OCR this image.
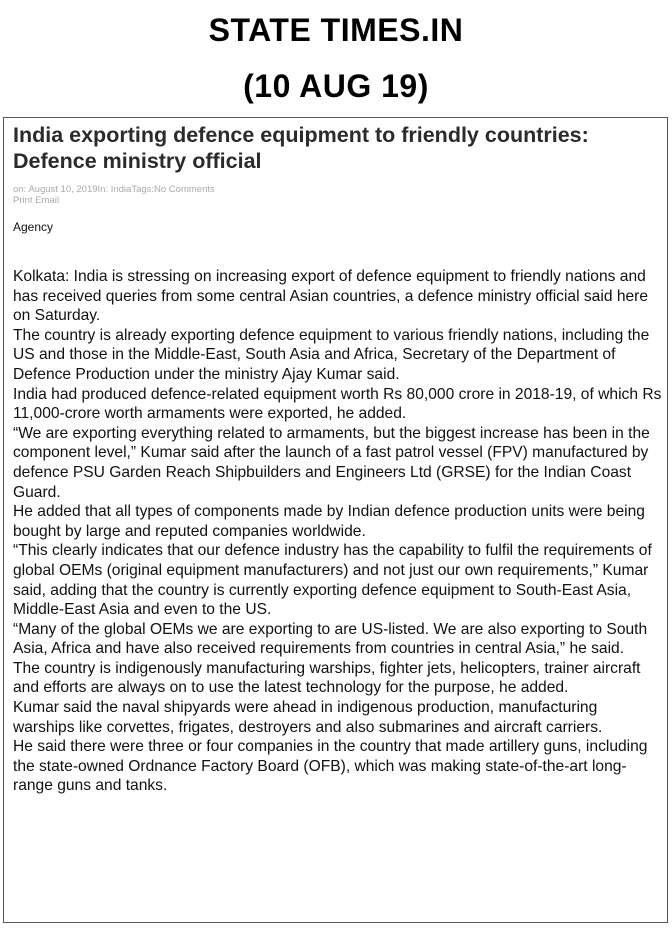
STATE TIMES.IN
(10 AUG 19)
India exporting defence equipment to friendly countries: Defence ministry official
on: August 10, 2019In: IndiaTags:No Comments
Print Email
Agency

Kolkata: India is stressing on increasing export of defence equipment to friendly nations and has received queries from some central Asian countries, a defence ministry official said here on Saturday.

The country is already exporting defence equipment to various friendly nations, including the US and those in the Middle-East, South Asia and Africa, Secretary of the Department of Defence Production under the ministry Ajay Kumar said.

India had produced defence-related equipment worth Rs 80,000 crore in 2018-19, of which Rs 11,000-crore worth armaments were exported, he added.

“We are exporting everything related to armaments, but the biggest increase has been in the component level,” Kumar said after the launch of a fast patrol vessel (FPV) manufactured by defence PSU Garden Reach Shipbuilders and Engineers Ltd (GRSE) for the Indian Coast Guard.

He added that all types of components made by Indian defence production units were being bought by large and reputed companies worldwide.

“This clearly indicates that our defence industry has the capability to fulfil the requirements of global OEMs (original equipment manufacturers) and not just our own requirements,” Kumar said, adding that the country is currently exporting defence equipment to South-East Asia, Middle-East Asia and even to the US.

“Many of the global OEMs we are exporting to are US-listed. We are also exporting to South Asia, Africa and have also received requirements from countries in central Asia,” he said.

The country is indigenously manufacturing warships, fighter jets, helicopters, trainer aircraft and efforts are always on to use the latest technology for the purpose, he added.

Kumar said the naval shipyards were ahead in indigenous production, manufacturing warships like corvettes, frigates, destroyers and also submarines and aircraft carriers.

He said there were three or four companies in the country that made artillery guns, including the state-owned Ordnance Factory Board (OFB), which was making state-of-the-art long-range guns and tanks.
